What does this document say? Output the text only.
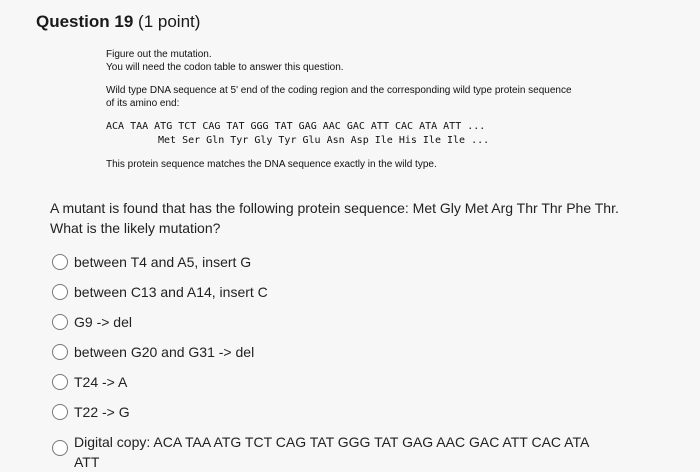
Question 19 (1 point)

Figure out the mutation.

You will need the codon table to answer this question.

Wild type DNA sequence at 5' end of the coding region and the corresponding wild type protein sequence of its amino end:

ACA TAA ATG TCT CAG TAT GGG TAT GAG AAC GAC ATT CAC ATA ATT ...

Met Ser Gln Tyr Gly Tyr Glu Asn Asp Ile His Ile Ile ...

This protein sequence matches the DNA sequence exactly in the wild type.

A mutant is found that has the following protein sequence: Met Gly Met Arg Thr Thr Phe Thr. What is the likely mutation?

between T4 and A5, insert G
between C13 and A14, insert C
G9 -> del
between G20 and G31 -> del
T24 -> A
T22 -> G
Digital copy: ACA TAA ATG TCT CAG TAT GGG TAT GAG AAC GAC ATT CAC ATA ATT
